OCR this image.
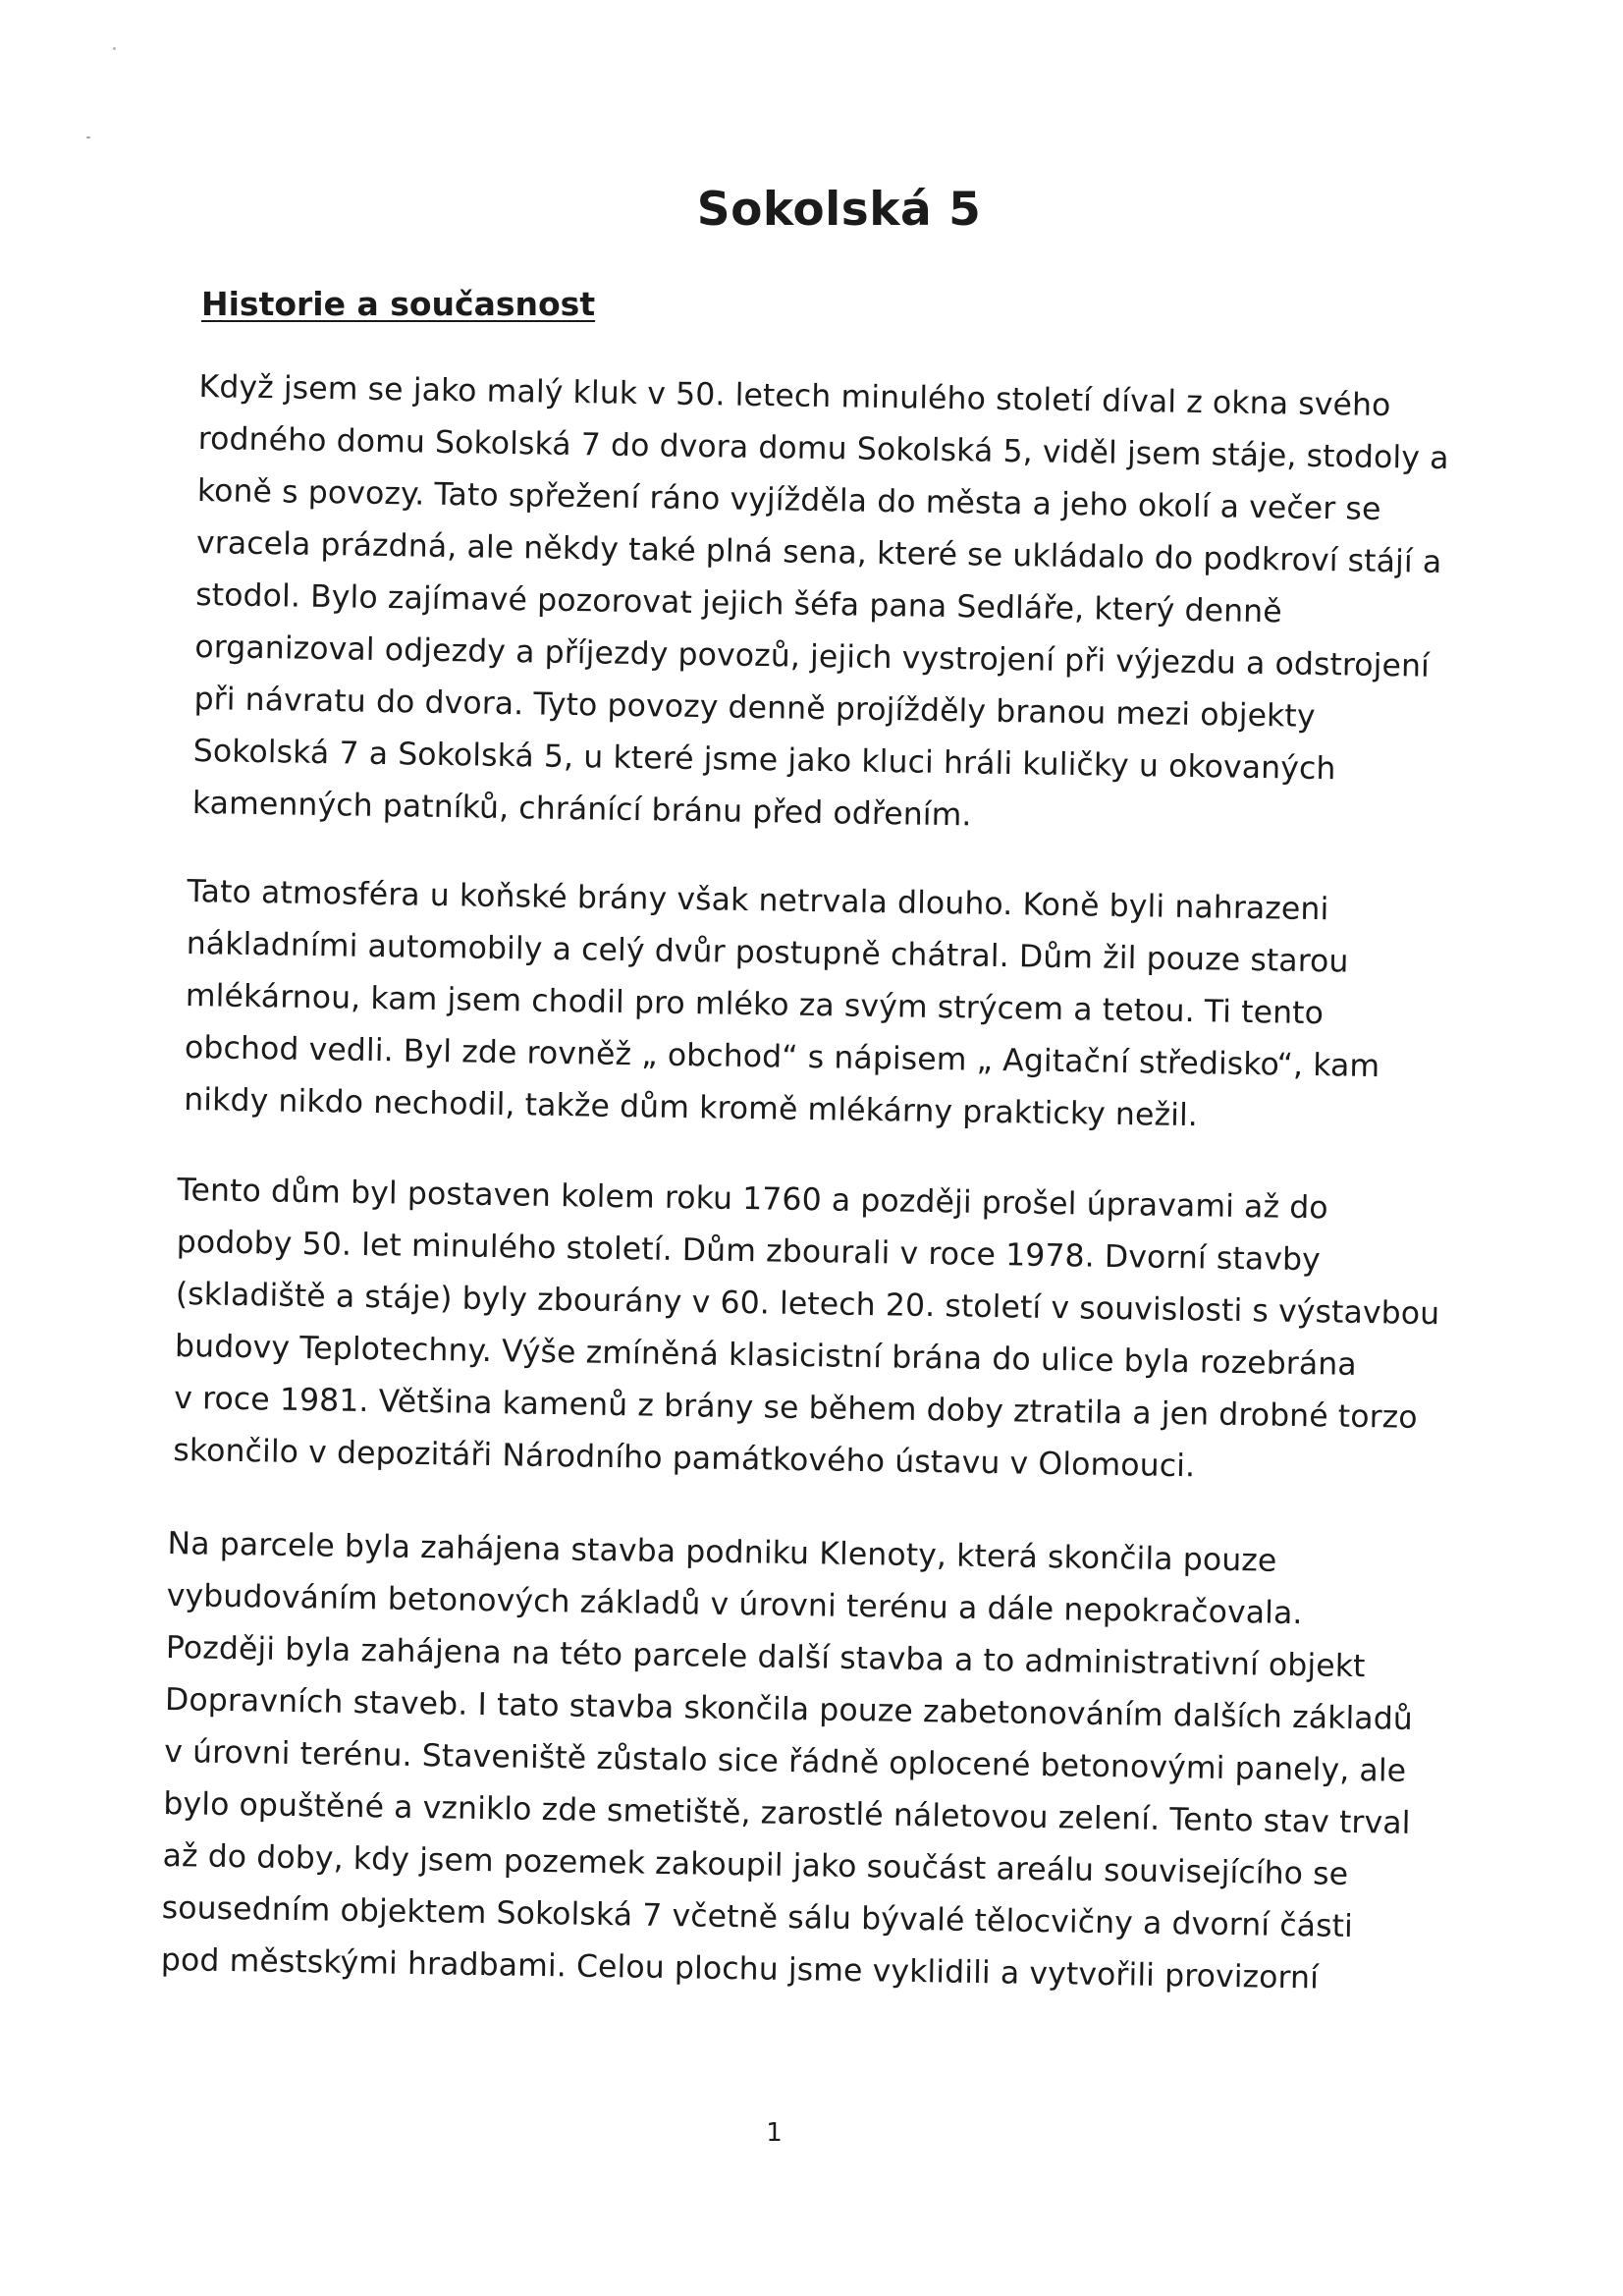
Sokolská 5
Historie a současnost

Když jsem se jako malý kluk v 50. letech minulého století díval z okna svého
rodného domu Sokolská 7 do dvora domu Sokolská 5, viděl jsem stáje, stodoly a
koně s povozy. Tato spřežení ráno vyjížděla do města a jeho okolí a večer se
vracela prázdná, ale někdy také plná sena, které se ukládalo do podkroví stájí a
stodol. Bylo zajímavé pozorovat jejich šéfa pana Sedláře, který denně
organizoval odjezdy a příjezdy povozů, jejich vystrojení při výjezdu a odstrojení
při návratu do dvora. Tyto povozy denně projížděly branou mezi objekty
Sokolská 7 a Sokolská 5, u které jsme jako kluci hráli kuličky u okovaných
kamenných patníků, chránící bránu před odřením.

Tato atmosféra u koňské brány však netrvala dlouho. Koně byli nahrazeni
nákladními automobily a celý dvůr postupně chátral. Dům žil pouze starou
mlékárnou, kam jsem chodil pro mléko za svým strýcem a tetou. Ti tento
obchod vedli. Byl zde rovněž „ obchod“ s nápisem „ Agitační středisko“, kam
nikdy nikdo nechodil, takže dům kromě mlékárny prakticky nežil.

Tento dům byl postaven kolem roku 1760 a později prošel úpravami až do
podoby 50. let minulého století. Dům zbourali v roce 1978. Dvorní stavby
(skladiště a stáje) byly zbourány v 60. letech 20. století v souvislosti s výstavbou
budovy Teplotechny. Výše zmíněná klasicistní brána do ulice byla rozebrána
v roce 1981. Většina kamenů z brány se během doby ztratila a jen drobné torzo
skončilo v depozitáři Národního památkového ústavu v Olomouci.

Na parcele byla zahájena stavba podniku Klenoty, která skončila pouze
vybudováním betonových základů v úrovni terénu a dále nepokračovala.
Později byla zahájena na této parcele další stavba a to administrativní objekt
Dopravních staveb. I tato stavba skončila pouze zabetonováním dalších základů
v úrovni terénu. Staveniště zůstalo sice řádně oplocené betonovými panely, ale
bylo opuštěné a vzniklo zde smetiště, zarostlé náletovou zelení. Tento stav trval
až do doby, kdy jsem pozemek zakoupil jako součást areálu souvisejícího se
sousedním objektem Sokolská 7 včetně sálu bývalé tělocvičny a dvorní části
pod městskými hradbami. Celou plochu jsme vyklidili a vytvořili provizorní

1
